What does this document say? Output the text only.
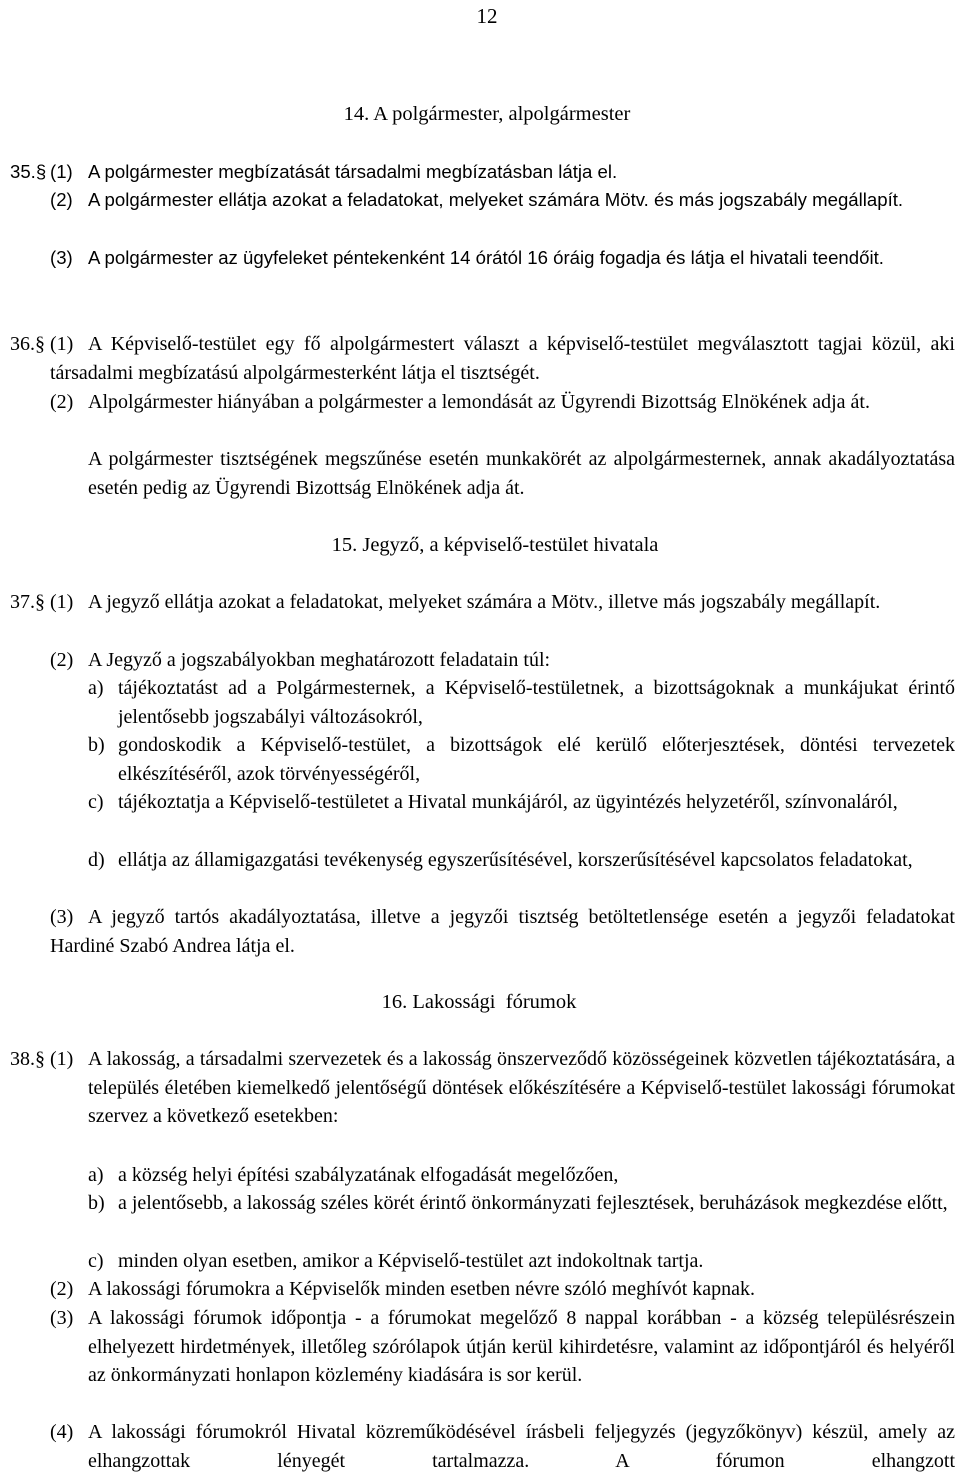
12
14. A polgármester, alpolgármester
35.§ (1) A polgármester megbízatását társadalmi megbízatásban látja el.
(2) A polgármester ellátja azokat a feladatokat, melyeket számára Mötv. és más jogszabály megállapít.
(3) A polgármester az ügyfeleket péntekenként 14 órától 16 óráig fogadja és látja el hivatali teendőit.
36.§ (1) A Képviselő-testület egy fő alpolgármestert választ a képviselő-testület megválasztott tagjai közül, aki társadalmi megbízatású alpolgármesterként látja el tisztségét.
(2) Alpolgármester hiányában a polgármester a lemondását az Ügyrendi Bizottság Elnökének adja át.
A polgármester tisztségének megszűnése esetén munkakörét az alpolgármesternek, annak akadályoztatása esetén pedig az Ügyrendi Bizottság Elnökének adja át.
15. Jegyző, a képviselő-testület hivatala
37.§ (1) A jegyző ellátja azokat a feladatokat, melyeket számára a Mötv., illetve más jogszabály megállapít.
(2) A Jegyző a jogszabályokban meghatározott feladatain túl:
a) tájékoztatást ad a Polgármesternek, a Képviselő-testületnek, a bizottságoknak a munkájukat érintő jelentősebb jogszabályi változásokról,
b) gondoskodik a Képviselő-testület, a bizottságok elé kerülő előterjesztések, döntési tervezetek elkészítéséről, azok törvényességéről,
c) tájékoztatja a Képviselő-testületet a Hivatal munkájáról, az ügyintézés helyzetéről, színvonaláról,
d) ellátja az államigazgatási tevékenység egyszerűsítésével, korszerűsítésével kapcsolatos feladatokat,
(3) A jegyző tartós akadályoztatása, illetve a jegyzői tisztség betöltetlensége esetén a jegyzői feladatokat Hardiné Szabó Andrea látja el.
16. Lakossági  fórumok
38.§ (1) A lakosság, a társadalmi szervezetek és a lakosság önszerveződő közösségeinek közvetlen tájékoztatására, a település életében kiemelkedő jelentőségű döntések előkészítésére a Képviselő-testület lakossági fórumokat szervez a következő esetekben:
a) a község helyi építési szabályzatának elfogadását megelőzően,
b) a jelentősebb, a lakosság széles körét érintő önkormányzati fejlesztések, beruházások megkezdése előtt,
c) minden olyan esetben, amikor a Képviselő-testület azt indokoltnak tartja.
(2) A lakossági fórumokra a Képviselők minden esetben névre szóló meghívót kapnak.
(3) A lakossági fórumok időpontja - a fórumokat megelőző 8 nappal korábban - a község településrészein elhelyezett hirdetmények, illetőleg szórólapok útján kerül kihirdetésre, valamint az időpontjáról és helyéről az önkormányzati honlapon közlemény kiadására is sor kerül.
(4) A lakossági fórumokról Hivatal közreműködésével írásbeli feljegyzés (jegyzőkönyv) készül, amely az elhangzottak lényegét tartalmazza. A fórumon elhangzott
